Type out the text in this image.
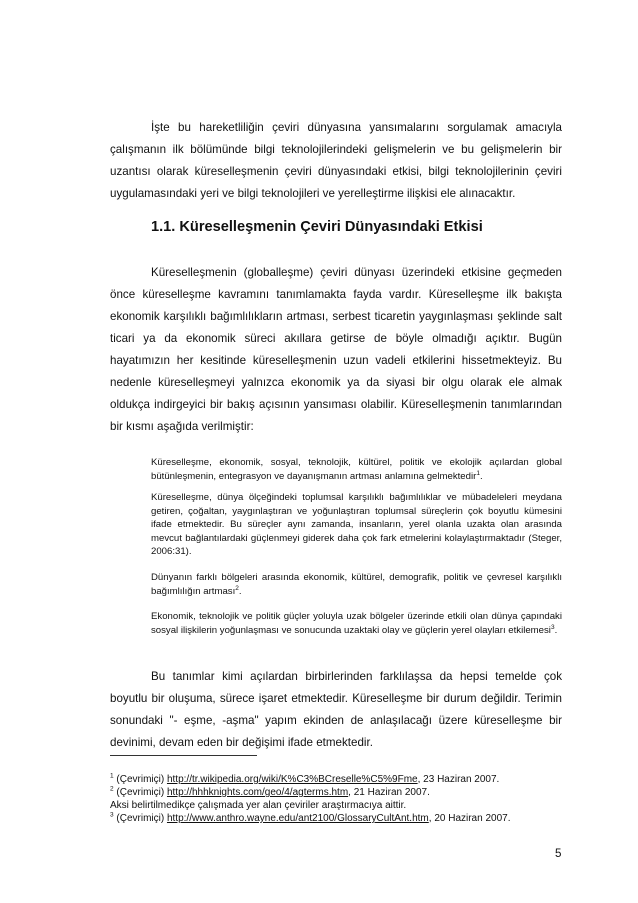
İşte bu hareketliliğin çeviri dünyasına yansımalarını sorgulamak amacıyla çalışmanın ilk bölümünde bilgi teknolojilerindeki gelişmelerin ve bu gelişmelerin bir uzantısı olarak küreselleşmenin çeviri dünyasındaki etkisi, bilgi teknolojilerinin çeviri uygulamasındaki yeri ve bilgi teknolojileri ve yerelleştirme ilişkisi ele alınacaktır.

1.1. Küreselleşmenin Çeviri Dünyasındaki Etkisi

Küreselleşmenin (globalleşme) çeviri dünyası üzerindeki etkisine geçmeden önce küreselleşme kavramını tanımlamakta fayda vardır. Küreselleşme ilk bakışta ekonomik karşılıklı bağımlılıkların artması, serbest ticaretin yaygınlaşması şeklinde salt ticari ya da ekonomik süreci akıllara getirse de böyle olmadığı açıktır. Bugün hayatımızın her kesitinde küreselleşmenin uzun vadeli etkilerini hissetmekteyiz. Bu nedenle küreselleşmeyi yalnızca ekonomik ya da siyasi bir olgu olarak ele almak oldukça indirgeyici bir bakış açısının yansıması olabilir. Küreselleşmenin tanımlarından bir kısmı aşağıda verilmiştir:

Küreselleşme, ekonomik, sosyal, teknolojik, kültürel, politik ve ekolojik açılardan global bütünleşmenin, entegrasyon ve dayanışmanın artması anlamına gelmektedir$^1$.

Küreselleşme, dünya ölçeğindeki toplumsal karşılıklı bağımlılıklar ve mübadeleleri meydana getiren, çoğaltan, yaygınlaştıran ve yoğunlaştıran toplumsal süreçlerin çok boyutlu kümesini ifade etmektedir. Bu süreçler aynı zamanda, insanların, yerel olanla uzakta olan arasında mevcut bağlantılardaki güçlenmeyi giderek daha çok fark etmelerini kolaylaştırmaktadır (Steger, 2006:31).

Dünyanın farklı bölgeleri arasında ekonomik, kültürel, demografik, politik ve çevresel karşılıklı bağımlılığın artması$^2$.

Ekonomik, teknolojik ve politik güçler yoluyla uzak bölgeler üzerinde etkili olan dünya çapındaki sosyal ilişkilerin yoğunlaşması ve sonucunda uzaktaki olay ve güçlerin yerel olayları etkilemesi$^3$.

Bu tanımlar kimi açılardan birbirlerinden farklılaşsa da hepsi temelde çok boyutlu bir oluşuma, sürece işaret etmektedir. Küreselleşme bir durum değildir. Terimin sonundaki "- eşme, -aşma" yapım ekinden de anlaşılacağı üzere küreselleşme bir devinimi, devam eden bir değişimi ifade etmektedir.

$^1$ (Çevrimiçi) http://tr.wikipedia.org/wiki/K%C3%BCreselle%C5%9Fme, 23 Haziran 2007.

$^2$ (Çevrimiçi) http://hhhknights.com/geo/4/agterms.htm, 21 Haziran 2007.

Aksi belirtilmedikçe çalışmada yer alan çeviriler araştırmacıya aittir.

$^3$ (Çevrimiçi) http://www.anthro.wayne.edu/ant2100/GlossaryCultAnt.htm, 20 Haziran 2007.

5
